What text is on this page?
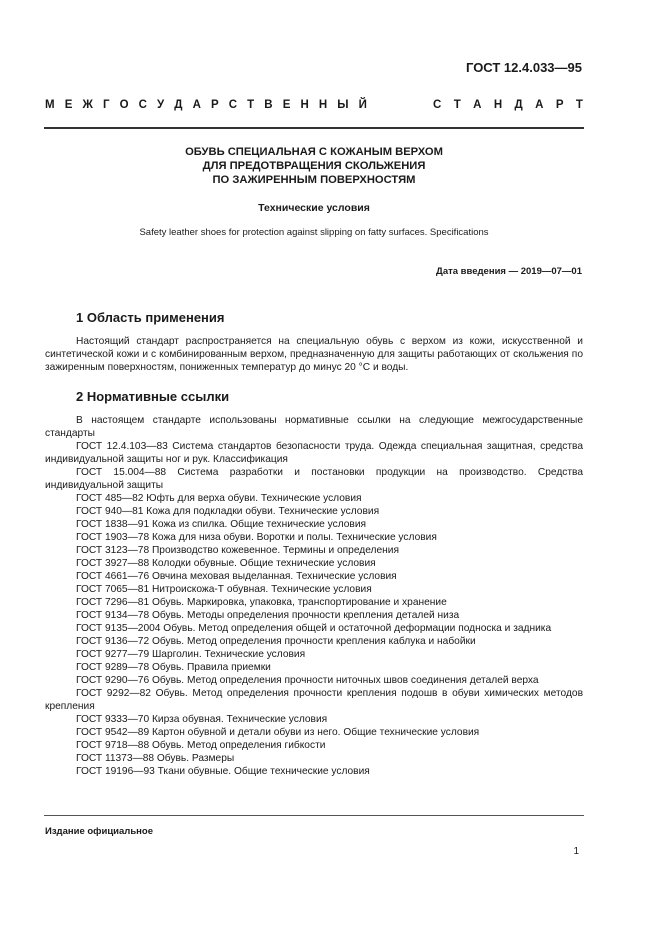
ГОСТ 12.4.033—95
М Е Ж Г О С У Д А Р С Т В Е Н Н Ы Й	С Т А Н Д А Р Т
ОБУВЬ СПЕЦИАЛЬНАЯ С КОЖАНЫМ ВЕРХОМ
ДЛЯ ПРЕДОТВРАЩЕНИЯ СКОЛЬЖЕНИЯ
ПО ЗАЖИРЕННЫМ ПОВЕРХНОСТЯМ
Технические условия
Safety leather shoes for protection against slipping on fatty surfaces. Specifications
Дата введения — 2019—07—01
1 Область применения

Настоящий стандарт распространяется на специальную обувь с верхом из кожи, искусственной и синтетической кожи и с комбинированным верхом, предназначенную для защиты работающих от скольжения по зажиренным поверхностям, пониженных температур до минус 20 °С и воды.

2 Нормативные ссылки

В настоящем стандарте использованы нормативные ссылки на следующие межгосударственные стандарты

ГОСТ 12.4.103—83 Система стандартов безопасности труда. Одежда специальная защитная, средства индивидуальной защиты ног и рук. Классификация

ГОСТ 15.004—88 Система разработки и постановки продукции на производство. Средства индивидуальной защиты

ГОСТ 485—82 Юфть для верха обуви. Технические условия

ГОСТ 940—81 Кожа для подкладки обуви. Технические условия

ГОСТ 1838—91 Кожа из спилка. Общие технические условия

ГОСТ 1903—78 Кожа для низа обуви. Воротки и полы. Технические условия

ГОСТ 3123—78 Производство кожевенное. Термины и определения

ГОСТ 3927—88 Колодки обувные. Общие технические условия

ГОСТ 4661—76 Овчина меховая выделанная. Технические условия

ГОСТ 7065—81 Нитроискожа-Т обувная. Технические условия

ГОСТ 7296—81 Обувь. Маркировка, упаковка, транспортирование и хранение

ГОСТ 9134—78 Обувь. Методы определения прочности крепления деталей низа

ГОСТ 9135—2004 Обувь. Метод определения общей и остаточной деформации подноска и задника

ГОСТ 9136—72 Обувь. Метод определения прочности крепления каблука и набойки

ГОСТ 9277—79 Шарголин. Технические условия

ГОСТ 9289—78 Обувь. Правила приемки

ГОСТ 9290—76 Обувь. Метод определения прочности ниточных швов соединения деталей верха

ГОСТ 9292—82 Обувь. Метод определения прочности крепления подошв в обуви химических методов крепления

ГОСТ 9333—70 Кирза обувная. Технические условия

ГОСТ 9542—89 Картон обувной и детали обуви из него. Общие технические условия

ГОСТ 9718—88 Обувь. Метод определения гибкости

ГОСТ 11373—88 Обувь. Размеры

ГОСТ 19196—93 Ткани обувные. Общие технические условия

Издание официальное
1
